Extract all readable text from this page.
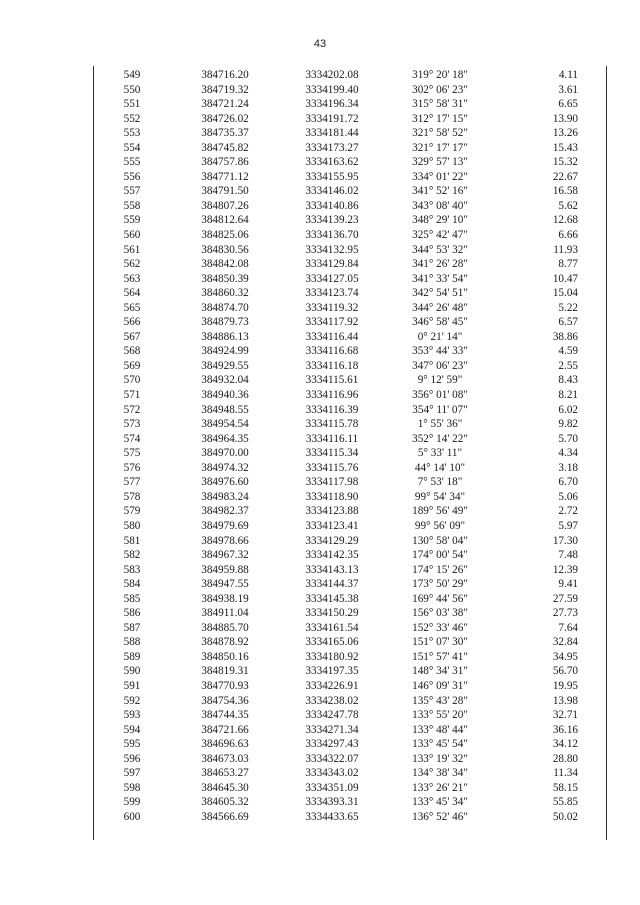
43
549	384716.20	3334202.08	319° 20' 18"	4.11
550	384719.32	3334199.40	302° 06' 23"	3.61
551	384721.24	3334196.34	315° 58' 31"	6.65
552	384726.02	3334191.72	312° 17' 15"	13.90
553	384735.37	3334181.44	321° 58' 52"	13.26
554	384745.82	3334173.27	321° 17' 17"	15.43
555	384757.86	3334163.62	329° 57' 13"	15.32
556	384771.12	3334155.95	334° 01' 22"	22.67
557	384791.50	3334146.02	341° 52' 16"	16.58
558	384807.26	3334140.86	343° 08' 40"	5.62
559	384812.64	3334139.23	348° 29' 10"	12.68
560	384825.06	3334136.70	325° 42' 47"	6.66
561	384830.56	3334132.95	344° 53' 32"	11.93
562	384842.08	3334129.84	341° 26' 28"	8.77
563	384850.39	3334127.05	341° 33' 54"	10.47
564	384860.32	3334123.74	342° 54' 51"	15.04
565	384874.70	3334119.32	344° 26' 48"	5.22
566	384879.73	3334117.92	346° 58' 45"	6.57
567	384886.13	3334116.44	0° 21' 14"	38.86
568	384924.99	3334116.68	353° 44' 33"	4.59
569	384929.55	3334116.18	347° 06' 23"	2.55
570	384932.04	3334115.61	9° 12' 59"	8.43
571	384940.36	3334116.96	356° 01' 08"	8.21
572	384948.55	3334116.39	354° 11' 07"	6.02
573	384954.54	3334115.78	1° 55' 36"	9.82
574	384964.35	3334116.11	352° 14' 22"	5.70
575	384970.00	3334115.34	5° 33' 11"	4.34
576	384974.32	3334115.76	44° 14' 10"	3.18
577	384976.60	3334117.98	7° 53' 18"	6.70
578	384983.24	3334118.90	99° 54' 34"	5.06
579	384982.37	3334123.88	189° 56' 49"	2.72
580	384979.69	3334123.41	99° 56' 09"	5.97
581	384978.66	3334129.29	130° 58' 04"	17.30
582	384967.32	3334142.35	174° 00' 54"	7.48
583	384959.88	3334143.13	174° 15' 26"	12.39
584	384947.55	3334144.37	173° 50' 29"	9.41
585	384938.19	3334145.38	169° 44' 56"	27.59
586	384911.04	3334150.29	156° 03' 38"	27.73
587	384885.70	3334161.54	152° 33' 46"	7.64
588	384878.92	3334165.06	151° 07' 30"	32.84
589	384850.16	3334180.92	151° 57' 41"	34.95
590	384819.31	3334197.35	148° 34' 31"	56.70
591	384770.93	3334226.91	146° 09' 31"	19.95
592	384754.36	3334238.02	135° 43' 28"	13.98
593	384744.35	3334247.78	133° 55' 20"	32.71
594	384721.66	3334271.34	133° 48' 44"	36.16
595	384696.63	3334297.43	133° 45' 54"	34.12
596	384673.03	3334322.07	133° 19' 32"	28.80
597	384653.27	3334343.02	134° 38' 34"	11.34
598	384645.30	3334351.09	133° 26' 21"	58.15
599	384605.32	3334393.31	133° 45' 34"	55.85
600	384566.69	3334433.65	136° 52' 46"	50.02
